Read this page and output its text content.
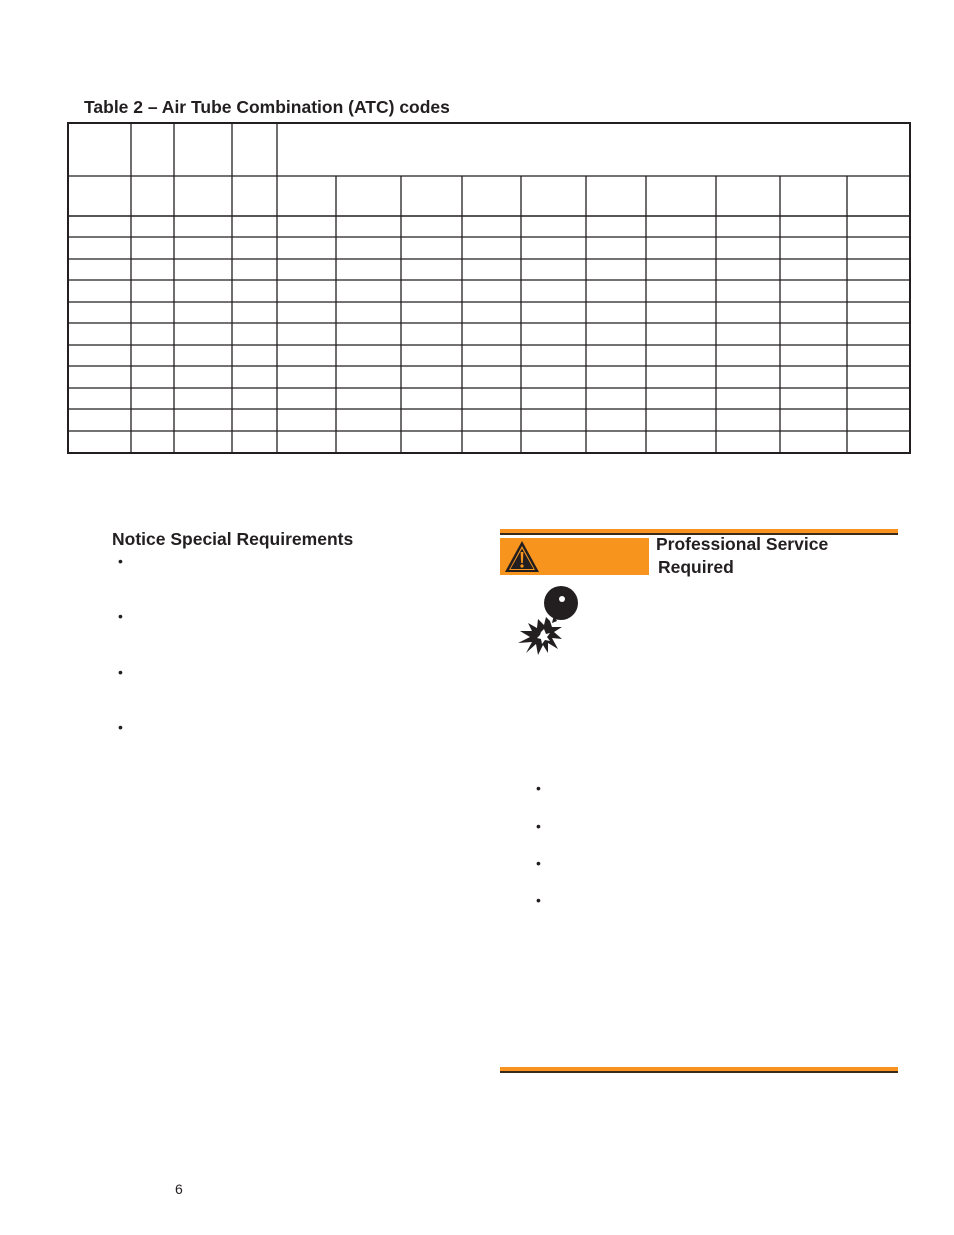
Table 2 – Air Tube Combination (ATC) codes
Notice Special Requirements
•
•
•
•
Professional Service
Required
•
•
•
•
6
